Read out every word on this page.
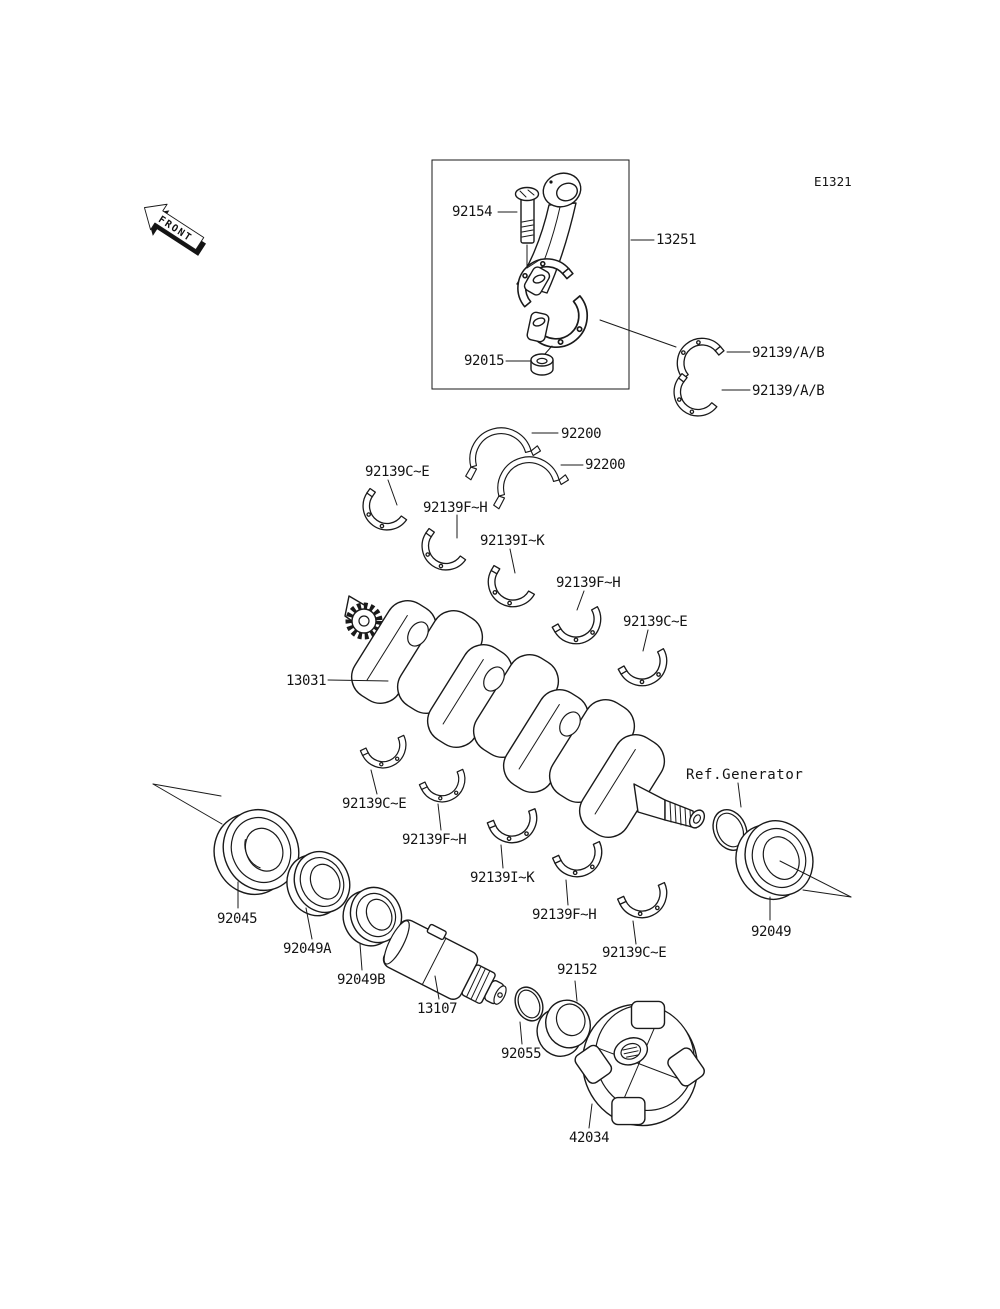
FRONT
E1321
92154
13251
92015	92139/A/B
92139/A/B
92200
92200
92139C~E
92139F~H
92139I~K
92139F~H
92139C~E
13031
92139C~E
92139F~H
92139I~K
92139F~H
92139C~E
Ref.Generator
92049
92045
92049A
92049B
13107
92055
92152
42034
